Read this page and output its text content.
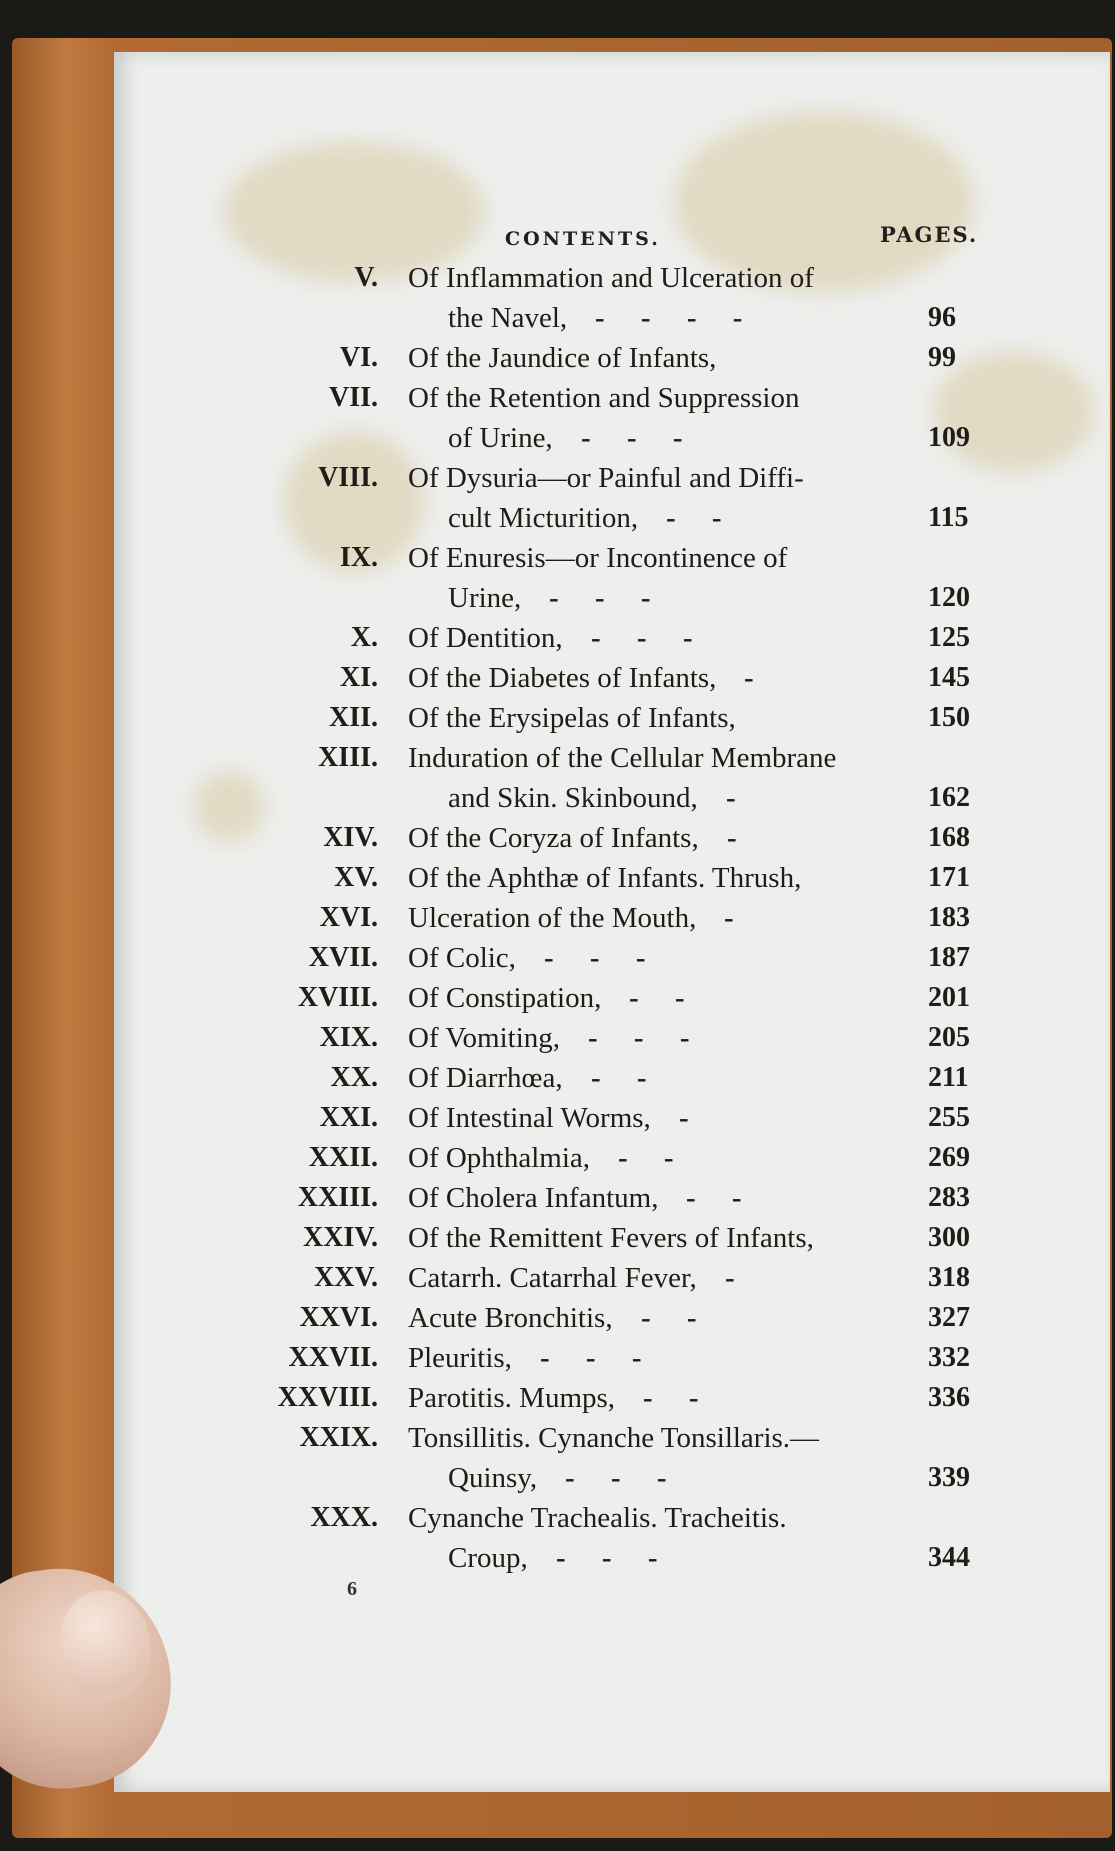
CONTENTS.	PAGES.
V. Of Inflammation and Ulceration of
the Navel, -     -     -     -	96
VI. Of the Jaundice of Infants,	99
VII. Of the Retention and Suppression
of Urine, -     -     -	109
VIII. Of Dysuria—or Painful and Diffi-
cult Micturition, -     -	115
IX. Of Enuresis—or Incontinence of
Urine, -     -     -	120
X. Of Dentition, -     -     -	125
XI. Of the Diabetes of Infants, -	145
XII. Of the Erysipelas of Infants,	150
XIII. Induration of the Cellular Membrane
and Skin. Skinbound, -	162
XIV. Of the Coryza of Infants, -	168
XV. Of the Aphthæ of Infants. Thrush,	171
XVI. Ulceration of the Mouth, -	183
XVII. Of Colic, -     -     -	187
XVIII. Of Constipation, -     -	201
XIX. Of Vomiting, -     -     -	205
XX. Of Diarrhœa, -     -	211
XXI. Of Intestinal Worms, -	255
XXII. Of Ophthalmia, -     -	269
XXIII. Of Cholera Infantum, -     -	283
XXIV. Of the Remittent Fevers of Infants,	300
XXV. Catarrh. Catarrhal Fever, -	318
XXVI. Acute Bronchitis, -     -	327
XXVII. Pleuritis, -     -     -	332
XXVIII. Parotitis. Mumps, -     -	336
XXIX. Tonsillitis. Cynanche Tonsillaris.—
Quinsy, -     -     -	339
XXX. Cynanche Trachealis. Tracheitis.
Croup, -     -     -	344
6
